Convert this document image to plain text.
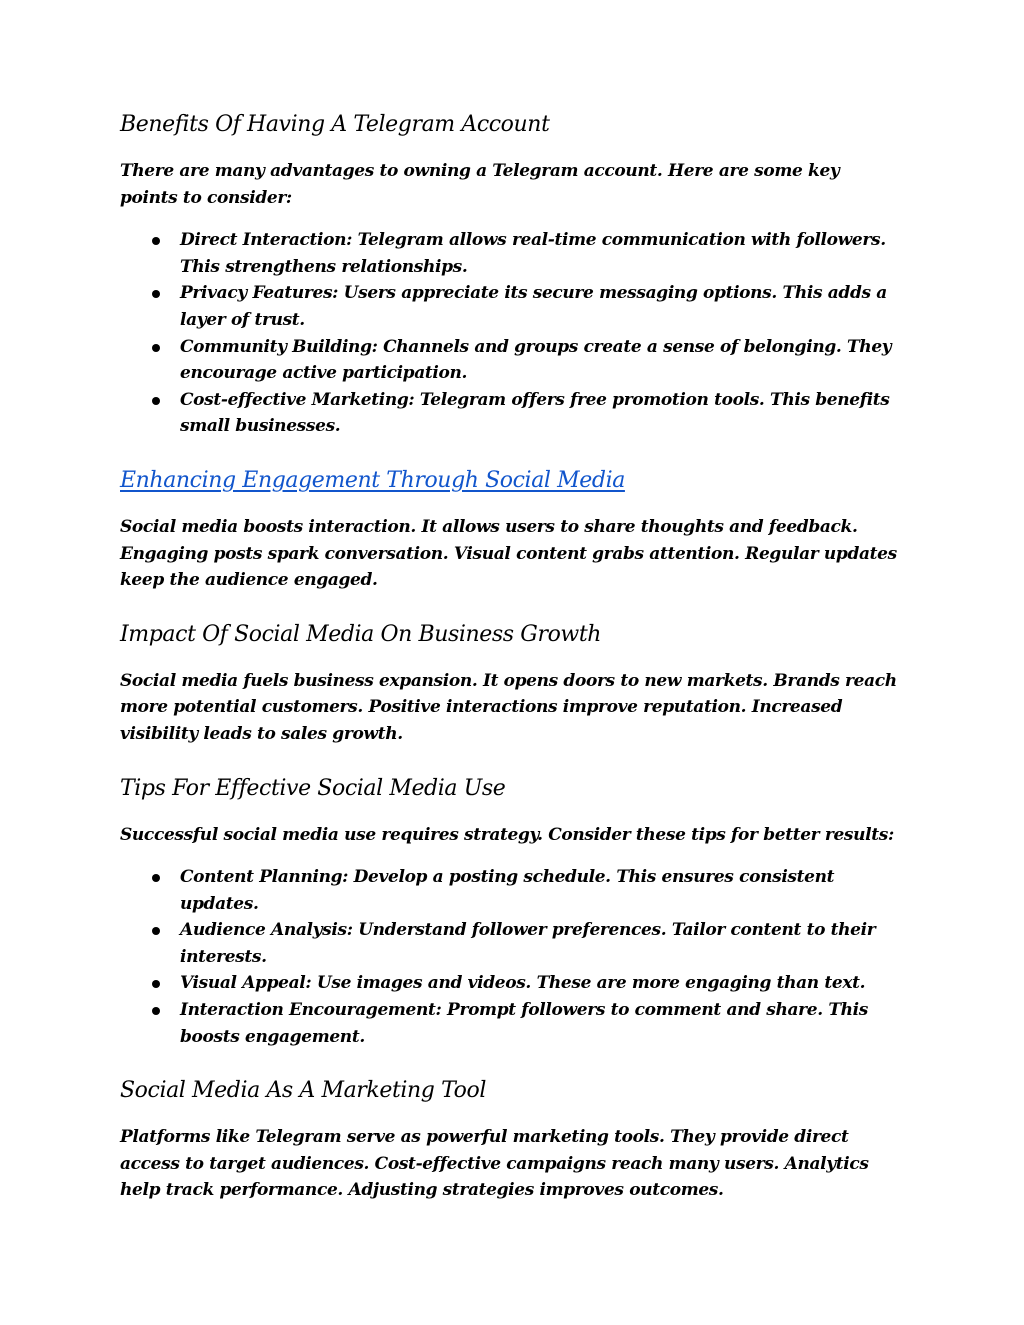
Benefits Of Having A Telegram Account

There are many advantages to owning a Telegram account. Here are some key points to consider:

Direct Interaction: Telegram allows real-time communication with followers. This strengthens relationships.
Privacy Features: Users appreciate its secure messaging options. This adds a layer of trust.
Community Building: Channels and groups create a sense of belonging. They encourage active participation.
Cost-effective Marketing: Telegram offers free promotion tools. This benefits small businesses.
Enhancing Engagement Through Social Media

Social media boosts interaction. It allows users to share thoughts and feedback. Engaging posts spark conversation. Visual content grabs attention. Regular updates keep the audience engaged.

Impact Of Social Media On Business Growth

Social media fuels business expansion. It opens doors to new markets. Brands reach more potential customers. Positive interactions improve reputation. Increased visibility leads to sales growth.

Tips For Effective Social Media Use

Successful social media use requires strategy. Consider these tips for better results:

Content Planning: Develop a posting schedule. This ensures consistent updates.
Audience Analysis: Understand follower preferences. Tailor content to their interests.
Visual Appeal: Use images and videos. These are more engaging than text.
Interaction Encouragement: Prompt followers to comment and share. This boosts engagement.
Social Media As A Marketing Tool

Platforms like Telegram serve as powerful marketing tools. They provide direct access to target audiences. Cost-effective campaigns reach many users. Analytics help track performance. Adjusting strategies improves outcomes.
